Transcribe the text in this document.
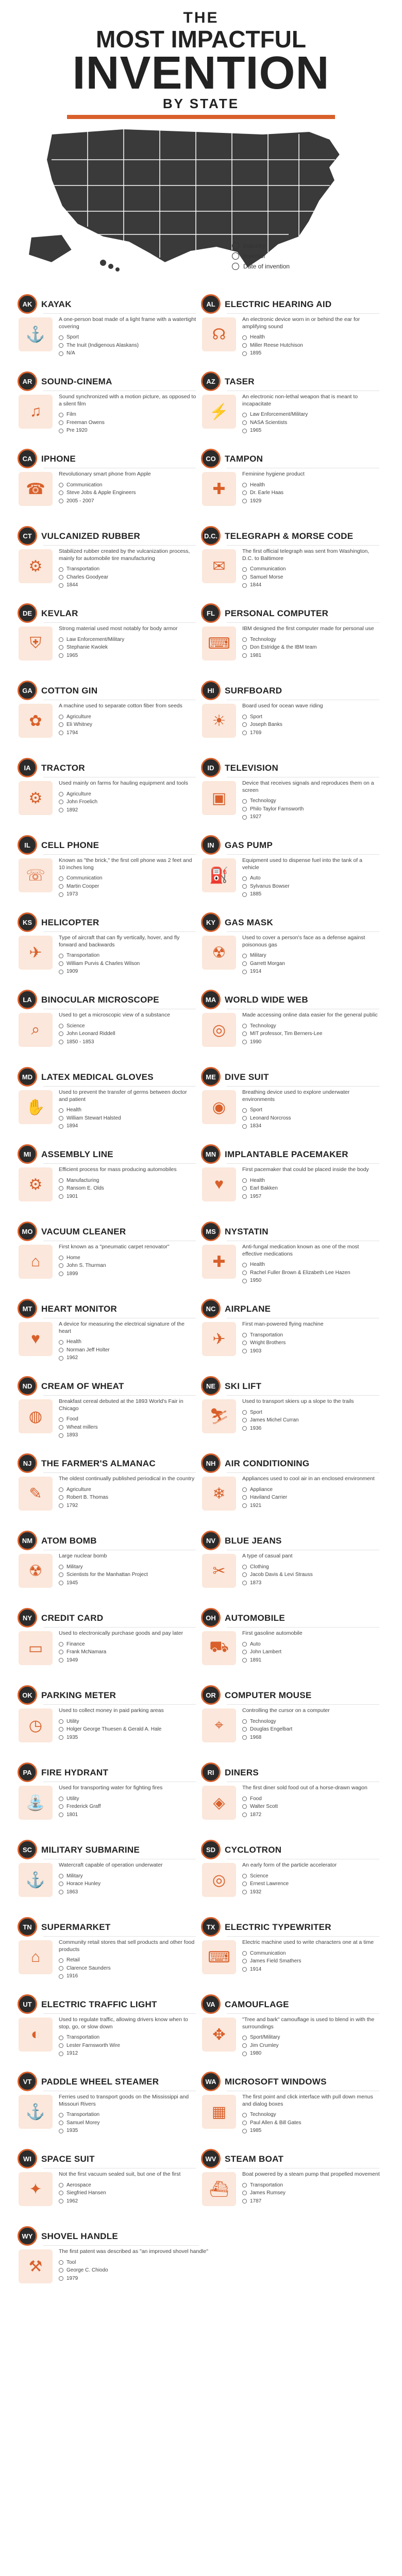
THE
MOST IMPACTFUL
INVENTION
BY STATE
Industry
Inventor
Date of invention
AK	KAYAK
⚓
A one-person boat made of a light frame with a watertight covering
Sport
The Inuit (Indigenous Alaskans)
N/A
AL	ELECTRIC HEARING AID
☊
An electronic device worn in or behind the ear for amplifying sound
Health
Miller Reese Hutchison
1895
AR	SOUND-CINEMA
♫
Sound synchronized with a motion picture, as opposed to a silent film
Film
Freeman Owens
Pre 1920
AZ	TASER
⚡
An electronic non-lethal weapon that is meant to incapacitate
Law Enforcement/Military
NASA Scientists
1965
CA	IPHONE
☎
Revolutionary smart phone from Apple
Communication
Steve Jobs & Apple Engineers
2005 - 2007
CO	TAMPON
✚
Feminine hygiene product
Health
Dr. Earle Haas
1929
CT	VULCANIZED RUBBER
⚙
Stabilized rubber created by the vulcanization process, mainly for automobile tire manufacturing
Transportation
Charles Goodyear
1844
D.C. TELEGRAPH & MORSE CODE
✉
The first official telegraph was sent from Washington, D.C. to Baltimore
Communication
Samuel Morse
1844
DE	KEVLAR
⛨
Strong material used most notably for body armor
Law Enforcement/Military
Stephanie Kwolek
1965
FL	PERSONAL COMPUTER
⌨
IBM designed the first computer made for personal use
Technology
Don Estridge & the IBM team
1981
GA	COTTON GIN
✿
A machine used to separate cotton fiber from seeds
Agriculture
Eli Whitney
1794
HI	SURFBOARD
☀
Board used for ocean wave riding
Sport
Joseph Banks
1769
IA	TRACTOR
⚙
Used mainly on farms for hauling equipment and tools
Agriculture
John Froelich
1892
ID	TELEVISION
▣
Device that receives signals and reproduces them on a screen
Technology
Philo Taylor Farnsworth
1927
IL	CELL PHONE
☏
Known as "the brick," the first cell phone was 2 feet and 10 inches long
Communication
Martin Cooper
1973
IN	GAS PUMP
⛽
Equipment used to dispense fuel into the tank of a vehicle
Auto
Sylvanus Bowser
1885
KS	HELICOPTER
✈
Type of aircraft that can fly vertically, hover, and fly forward and backwards
Transportation
William Purvis & Charles Wilson
1909
KY	GAS MASK
☢
Used to cover a person's face as a defense against poisonous gas
Military
Garrett Morgan
1914
LA	BINOCULAR MICROSCOPE
⌕
Used to get a microscopic view of a substance
Science
John Leonard Riddell
1850 - 1853
MA WORLD WIDE WEB
◎
Made accessing online data easier for the general public
Technology
MIT professor, Tim Berners-Lee
1990
MD LATEX MEDICAL GLOVES
✋
Used to prevent the transfer of germs between doctor and patient
Health
William Stewart Halsted
1894
ME	DIVE SUIT
◉
Breathing device used to explore underwater environments
Sport
Leonard Norcross
1834
MI	ASSEMBLY LINE
⚙
Efficient process for mass producing automobiles
Manufacturing
Ransom E. Olds
1901
MN IMPLANTABLE PACEMAKER
♥
First pacemaker that could be placed inside the body
Health
Earl Bakken
1957
MO VACUUM CLEANER
⌂
First known as a "pneumatic carpet renovator"
Home
John S. Thurman
1899
MS	NYSTATIN
✚
Anti-fungal medication known as one of the most effective medications
Health
Rachel Fuller Brown & Elizabeth Lee Hazen
1950
MT	HEART MONITOR
♥
A device for measuring the electrical signature of the heart
Health
Norman Jeff Holter
1962
NC	AIRPLANE
✈
First man-powered flying machine
Transportation
Wright Brothers
1903
ND	CREAM OF WHEAT
◍
Breakfast cereal debuted at the 1893 World's Fair in Chicago
Food
Wheat millers
1893
NE	SKI LIFT
⛷
Used to transport skiers up a slope to the trails
Sport
James Michel Curran
1936
NJ	THE FARMER'S ALMANAC
✎
The oldest continually published periodical in the country
Agriculture
Robert B. Thomas
1792
NH	AIR CONDITIONING
❄
Appliances used to cool air in an enclosed environment
Appliance
Haviland Carrier
1921
NM ATOM BOMB
☢
Large nuclear bomb
Military
Scientists for the Manhattan Project
1945
NV	BLUE JEANS
✂
A type of casual pant
Clothing
Jacob Davis & Levi Strauss
1873
NY	CREDIT CARD
▭
Used to electronically purchase goods and pay later
Finance
Frank McNamara
1949
OH	AUTOMOBILE
⛟
First gasoline automobile
Auto
John Lambert
1891
OK	PARKING METER
◷
Used to collect money in paid parking areas
Utility
Holger George Thuesen & Gerald A. Hale
1935
OR	COMPUTER MOUSE
⌖
Controlling the cursor on a computer
Technology
Douglas Engelbart
1968
PA	FIRE HYDRANT
⛲
Used for transporting water for fighting fires
Utility
Frederick Graff
1801
RI	DINERS
◈
The first diner sold food out of a horse-drawn wagon
Food
Walter Scott
1872
SC	MILITARY SUBMARINE
⚓
Watercraft capable of operation underwater
Military
Horace Hunley
1863
SD	CYCLOTRON
◎
An early form of the particle accelerator
Science
Ernest Lawrence
1932
TN	SUPERMARKET
⌂
Community retail stores that sell products and other food products
Retail
Clarence Saunders
1916
TX	ELECTRIC TYPEWRITER
⌨
Electric machine used to write characters one at a time
Communication
James Field Smathers
1914
UT	ELECTRIC TRAFFIC LIGHT
◐
Used to regulate traffic, allowing drivers know when to stop, go, or slow down
Transportation
Lester Farnsworth Wire
1912
VA	CAMOUFLAGE
✥
"Tree and bark" camouflage is used to blend in with the surroundings
Sport/Military
Jim Crumley
1980
VT	PADDLE WHEEL STEAMER
⚓
Ferries used to transport goods on the Mississippi and Missouri Rivers
Transportation
Samuel Morey
1935
WA MICROSOFT WINDOWS
▦
The first point and click interface with pull down menus and dialog boxes
Technology
Paul Allen & Bill Gates
1985
WI	SPACE SUIT
✦
Not the first vacuum sealed suit, but one of the first
Aerospace
Siegfried Hansen
1962
WV STEAM BOAT
⛴
Boat powered by a steam pump that propelled movement
Transportation
James Rumsey
1787
WY SHOVEL HANDLE
⚒
The first patent was described as "an improved shovel handle"
Tool
George C. Chiodo
1979
